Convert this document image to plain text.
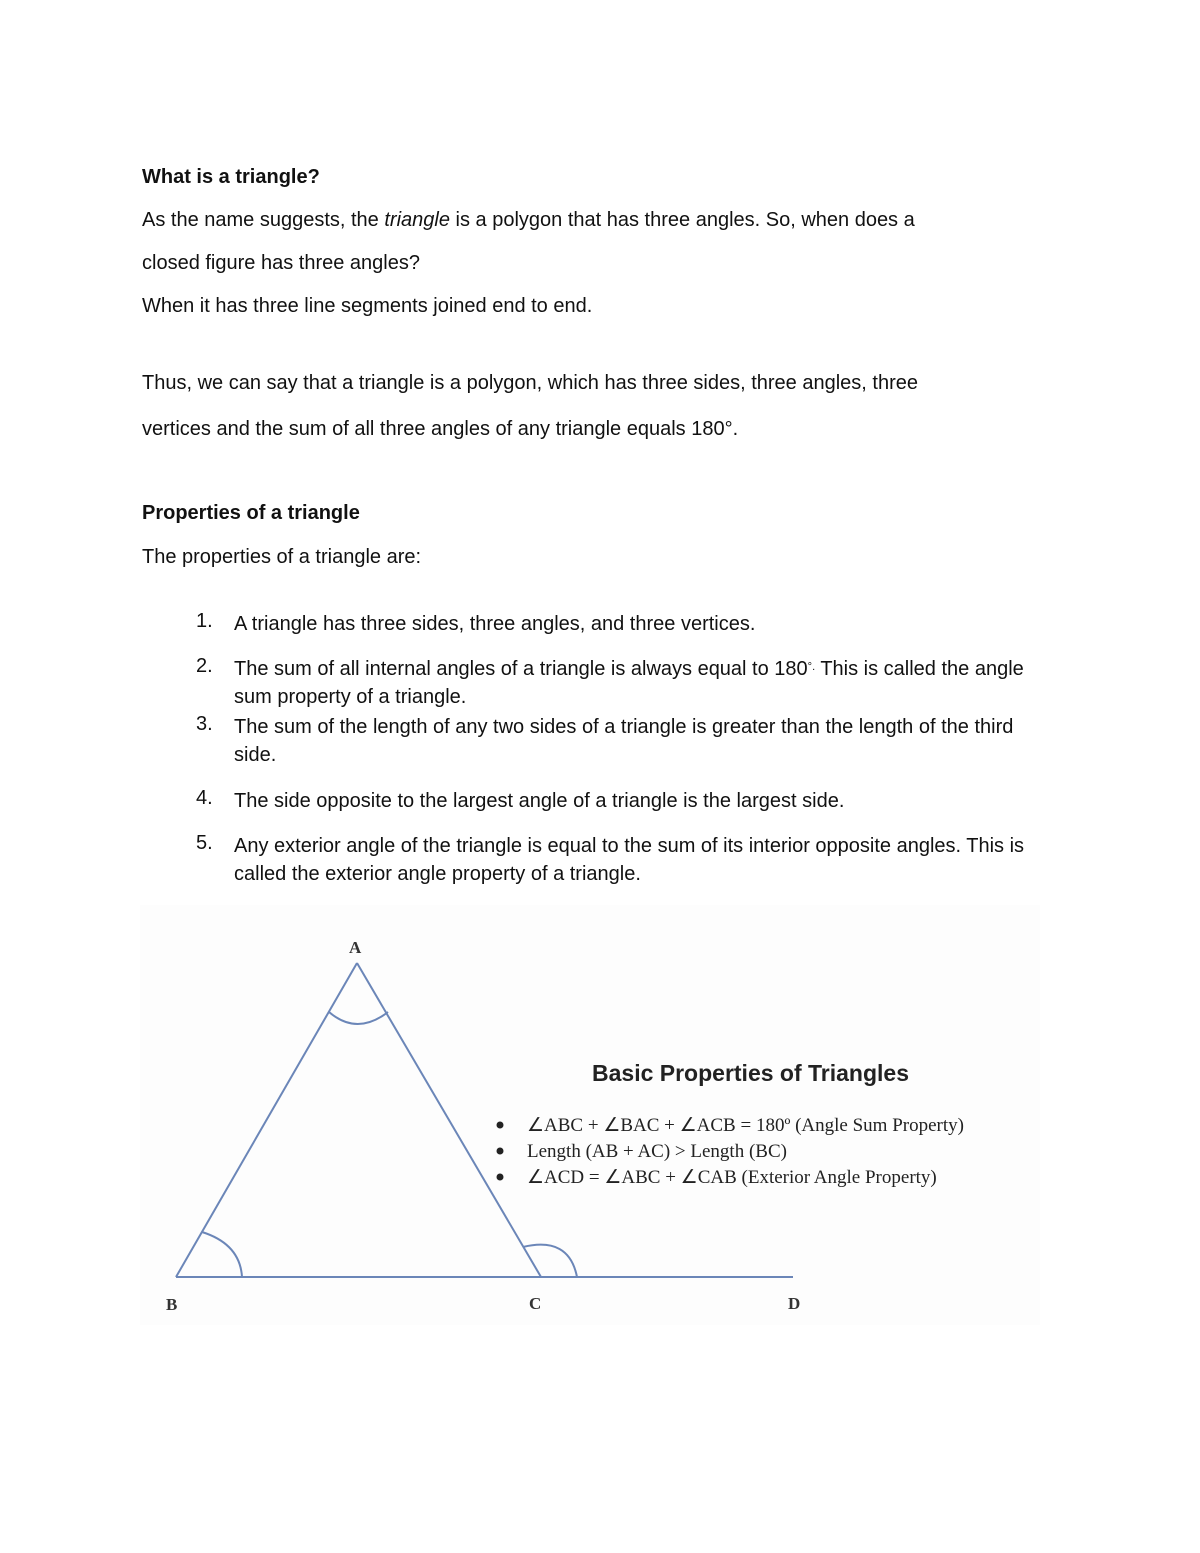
What is a triangle?
As the name suggests, the triangle is a polygon that has three angles. So, when does a
closed figure has three angles?
When it has three line segments joined end to end.
Thus, we can say that a triangle is a polygon, which has three sides, three angles, three
vertices and the sum of all three angles of any triangle equals 180°.
Properties of a triangle
The properties of a triangle are:
1.	A triangle has three sides, three angles, and three vertices.
2.	The sum of all internal angles of a triangle is always equal to 180°. This is called the angle sum property of a triangle.
3.	The sum of the length of any two sides of a triangle is greater than the length of the third side.
4.	The side opposite to the largest angle of a triangle is the largest side.
5.	Any exterior angle of the triangle is equal to the sum of its interior opposite angles. This is called the exterior angle property of a triangle.
A
B	C	D
Basic Properties of Triangles
∠ABC + ∠BAC + ∠ACB = 180º (Angle Sum Property)
Length (AB + AC) > Length (BC)
∠ACD = ∠ABC + ∠CAB (Exterior Angle Property)
